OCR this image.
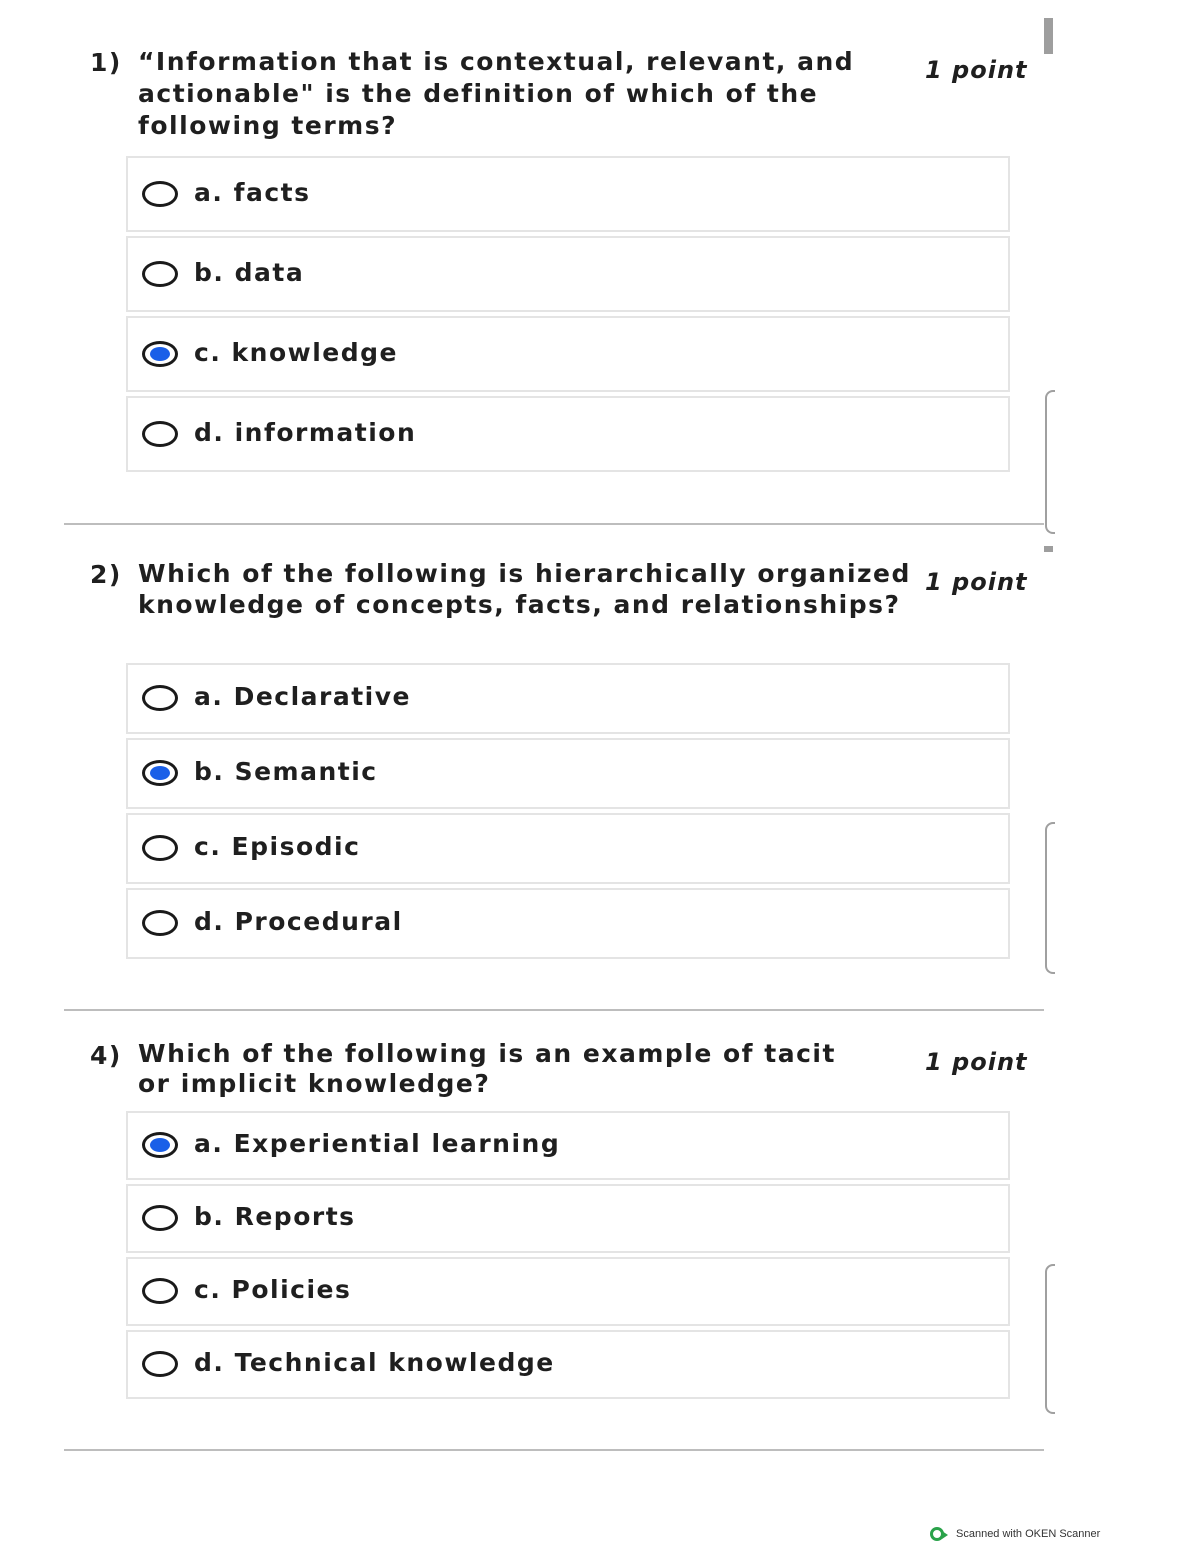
1) “Information that is contextual, relevant, and actionable" is the definition of which of the following terms?
1 point
a. facts
b. data
c. knowledge
d. information
2) Which of the following is hierarchically organized knowledge of concepts, facts, and relationships?
1 point
a. Declarative
b. Semantic
c. Episodic
d. Procedural
4) Which of the following is an example of tacit or implicit knowledge?
1 point
a. Experiential learning
b. Reports
c. Policies
d. Technical knowledge
Scanned with OKEN Scanner
